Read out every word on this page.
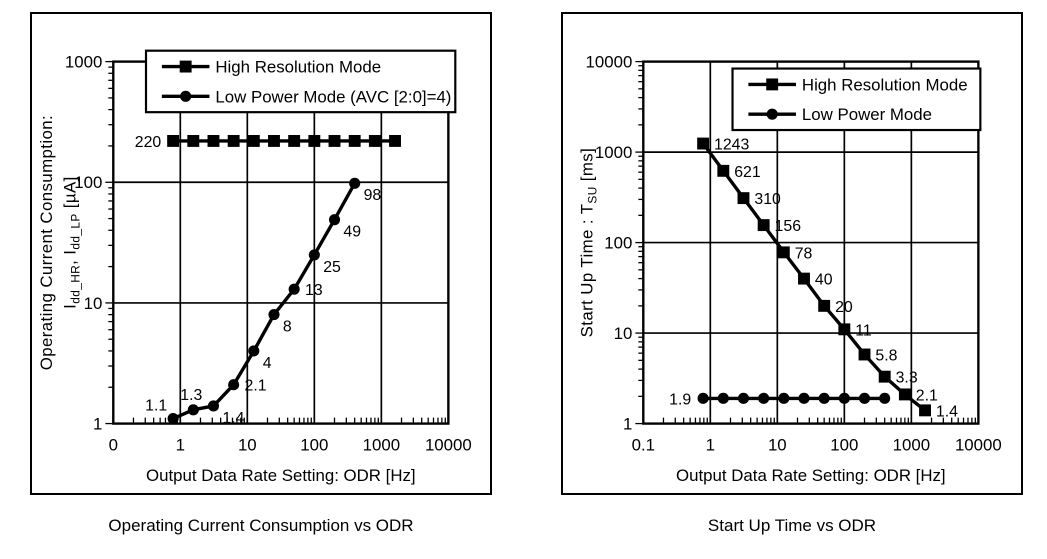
220
1.1
1.3
1.4
2.1
4
8
13
25
49
98
0	1	10	100 1000 10000
1
10
100
1000
Output Data Rate Setting: ODR [Hz]
Operating Current Consumption: $I_{dd\_HR}$, $I_{dd\_LP}$ [µA]
High Resolution Mode
Low Power Mode (AVC [2:0]=4)
1243
621
310
156
78
40
20
11
5.8
3.3
2.1
1.4
1.9
0.1	1	10	100 1000 10000
1
10
100
1000
10000
Output Data Rate Setting: ODR [Hz]
Start Up Time : $T_{SU}$ [ms]
High Resolution Mode
Low Power Mode
Operating Current Consumption vs ODR	Start Up Time vs ODR
